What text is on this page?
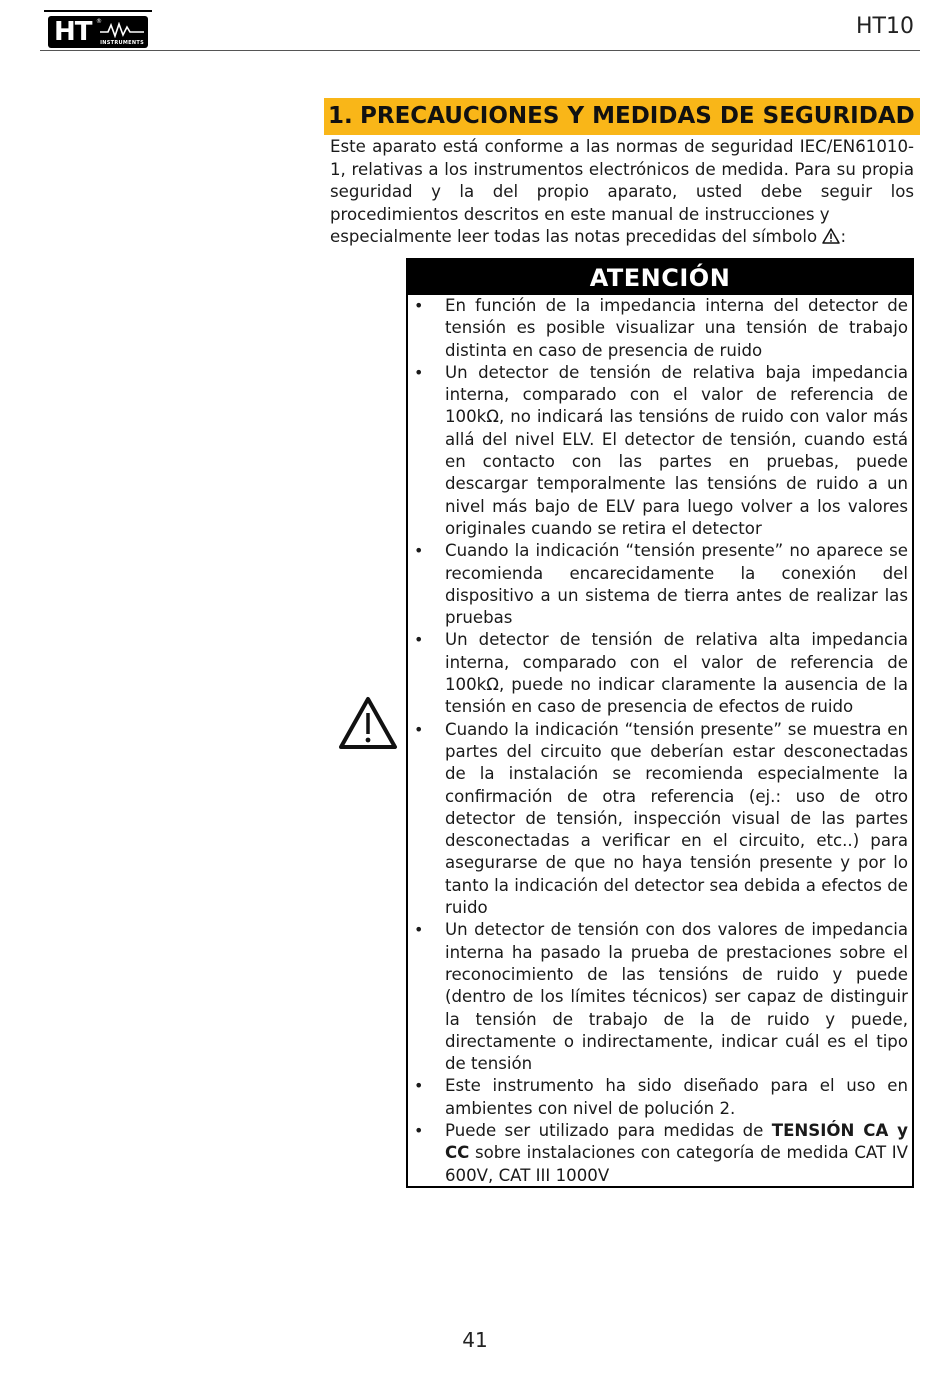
HT ®
INSTRUMENTS
HT10
1. PRECAUCIONES Y MEDIDAS DE SEGURIDAD
Este aparato está conforme a las normas de seguridad IEC/EN61010-1, relativas a los instrumentos electrónicos de medida. Para su propia seguridad y la del propio aparato, usted debe seguir los procedimientos descritos en este manual de instrucciones y
especialmente leer todas las notas precedidas del símbolo :
ATENCIÓN
• En función de la impedancia interna del detector de tensión es posible visualizar una tensión de trabajo distinta en caso de presencia de ruido
• Un detector de tensión de relativa baja impedancia interna, comparado con el valor de referencia de 100kΩ, no indicará las tensións de ruido con valor más allá del nivel ELV. El detector de tensión, cuando está en contacto con las partes en pruebas, puede descargar temporalmente las tensións de ruido a un nivel más bajo de ELV para luego volver a los valores originales cuando se retira el detector
• Cuando la indicación “tensión presente” no aparece se recomienda encarecidamente la conexión del dispositivo a un sistema de tierra antes de realizar las pruebas
• Un detector de tensión de relativa alta impedancia interna, comparado con el valor de referencia de 100kΩ, puede no indicar claramente la ausencia de la tensión en caso de presencia de efectos de ruido
• Cuando la indicación “tensión presente” se muestra en partes del circuito que deberían estar desconectadas de la instalación se recomienda especialmente la confirmación de otra referencia (ej.: uso de otro detector de tensión, inspección visual de las partes desconectadas a verificar en el circuito, etc..) para asegurarse de que no haya tensión presente y por lo tanto la indicación del detector sea debida a efectos de ruido
• Un detector de tensión con dos valores de impedancia interna ha pasado la prueba de prestaciones sobre el reconocimiento de las tensións de ruido y puede (dentro de los límites técnicos) ser capaz de distinguir la tensión de trabajo de la de ruido y puede, directamente o indirectamente, indicar cuál es el tipo de tensión
• Este instrumento ha sido diseñado para el uso en ambientes con nivel de polución 2.
• Puede ser utilizado para medidas de TENSIÓN CA y CC sobre instalaciones con categoría de medida CAT IV 600V, CAT III 1000V
41
